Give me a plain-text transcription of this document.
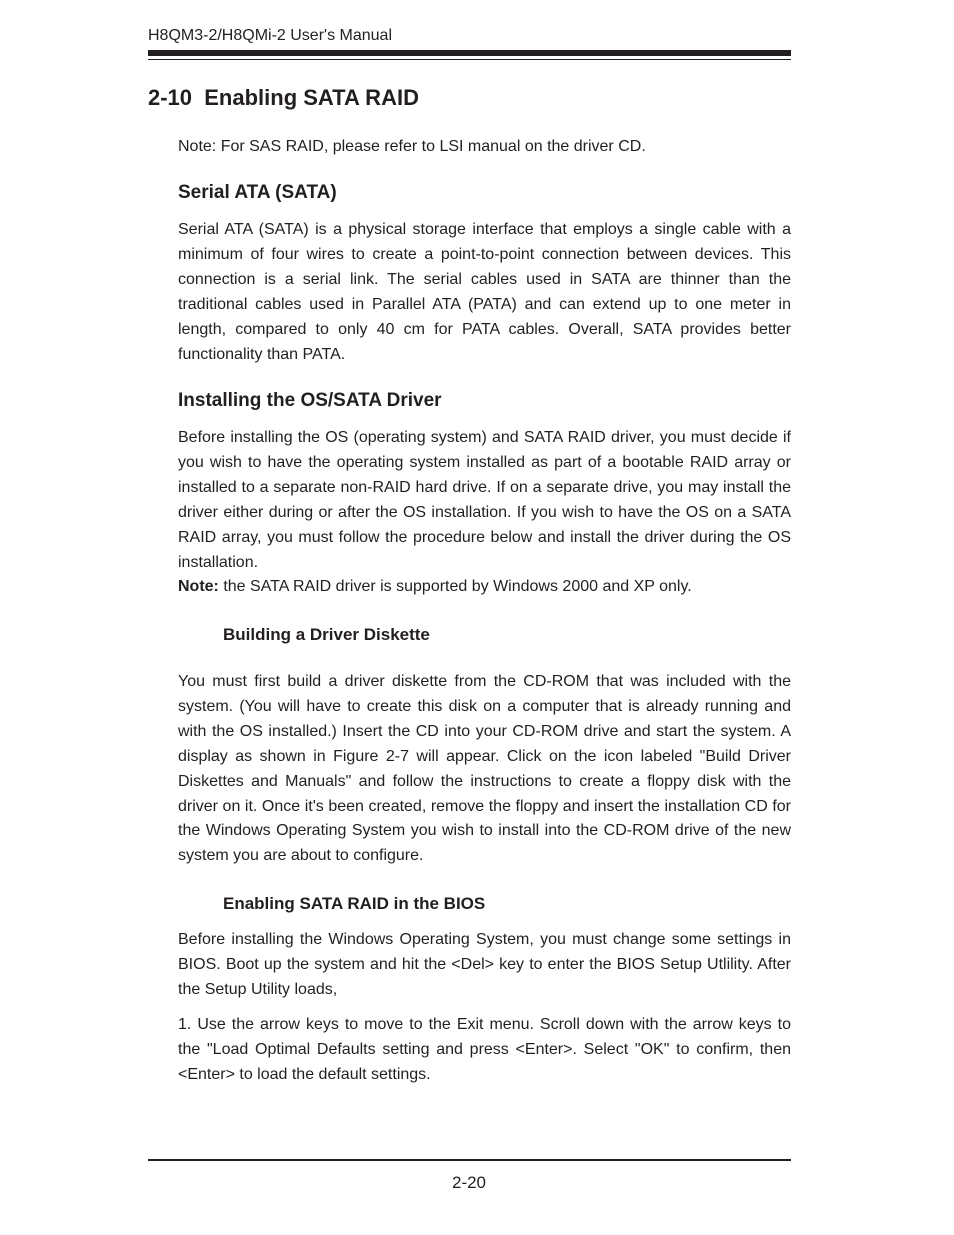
H8QM3-2/H8QMi-2 User's Manual
2-10  Enabling SATA RAID

Note: For SAS RAID, please refer to LSI manual on the driver CD.

Serial ATA (SATA)

Serial ATA (SATA) is a physical storage interface that employs a single cable with a minimum of four wires to create a point-to-point connection between devices. This connection is a serial link. The serial cables used in SATA are thinner than the traditional cables used in Parallel ATA (PATA) and can extend up to one meter in length, compared to only 40 cm for PATA cables. Overall, SATA provides better functionality than PATA.

Installing the OS/SATA Driver

Before installing the OS (operating system) and SATA RAID driver, you must decide if you wish to have the operating system installed as part of a bootable RAID array or installed to a separate non-RAID hard drive. If on a separate drive, you may install the driver either during or after the OS installation. If you wish to have the OS on a SATA RAID array, you must follow the procedure below and install the driver during the OS installation.

Note: the SATA RAID driver is supported by Windows 2000 and XP only.

Building a Driver Diskette

You must first build a driver diskette from the CD-ROM that was included with the system. (You will have to create this disk on a computer that is already running and with the OS installed.) Insert the CD into your CD-ROM drive and start the system. A display as shown in Figure 2-7 will appear. Click on the icon labeled "Build Driver Diskettes and Manuals" and follow the instructions to create a floppy disk with the driver on it. Once it's been created, remove the floppy and insert the installation CD for the Windows Operating System you wish to install into the CD-ROM drive of the new system you are about to configure.

Enabling SATA RAID in the BIOS

Before installing the Windows Operating System, you must change some settings in BIOS. Boot up the system and hit the <Del> key to enter the BIOS Setup Utlility. After the Setup Utility loads,

1. Use the arrow keys to move to the Exit menu. Scroll down with the arrow keys to the "Load Optimal Defaults setting and press <Enter>. Select "OK" to confirm, then <Enter> to load the default settings.

2-20
